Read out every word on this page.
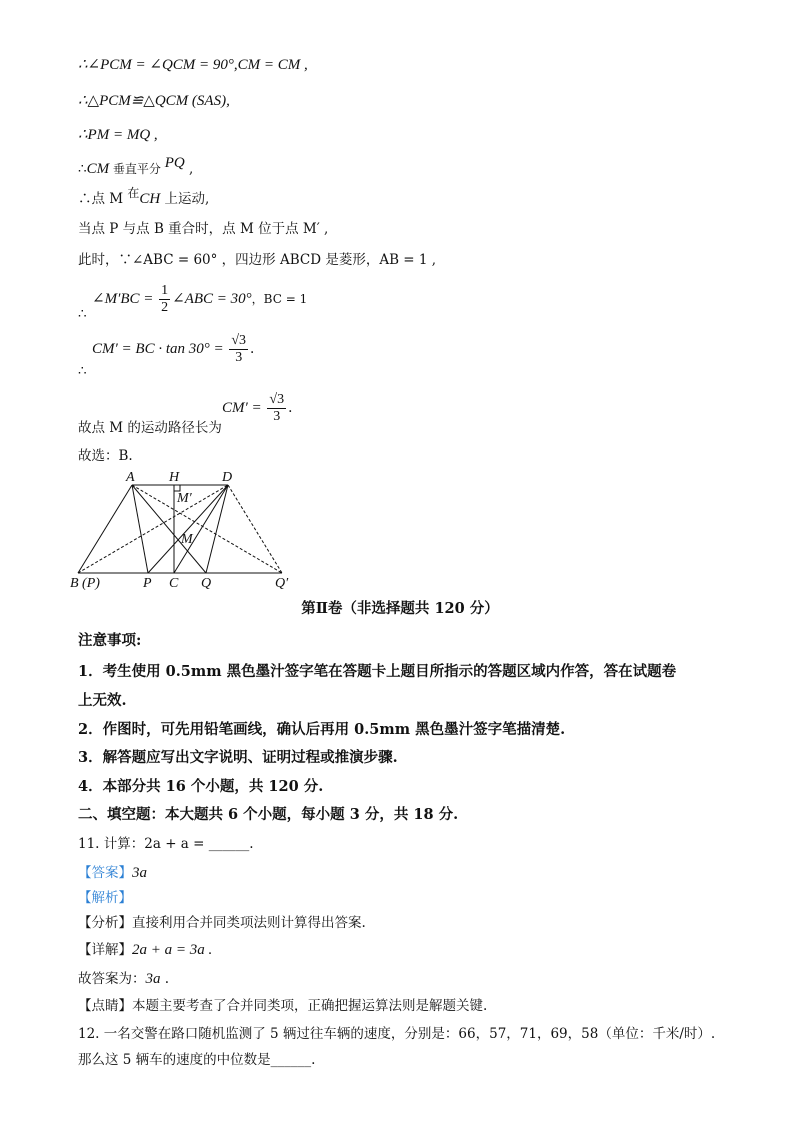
∴∠PCM = ∠QCM = 90°,CM = CM ,
∴△PCM≌△QCM (SAS),
∴PM = MQ ,
∴CM 垂直平分 PQ ,
∴点 M 在CH 上运动,
当点 P 与点 B 重合时，点 M 位于点 M′ ,
此时，∵∠ABC = 60° ，四边形 ABCD 是菱形，AB = 1 ,
∠M′BC = $\frac{1}{2}$ ∠ABC = 30°，BC = 1
∴
CM′ = BC · $\tan 30^\circ = \frac{√3}{3}$ .
∴
$CM' = \frac{√3}{3}$ .
故点 M 的运动路径长为
故选：B.
A H	D
M′
M
B (P)	P C Q	Q′
第Ⅱ卷（非选择题共 120 分）
注意事项:
1．考生使用 0.5mm 黑色墨汁签字笔在答题卡上题目所指示的答题区域内作答，答在试题卷
上无效.
2．作图时，可先用铅笔画线，确认后再用 0.5mm 黑色墨汁签字笔描清楚.
3．解答题应写出文字说明、证明过程或推演步骤.
4．本部分共 16 个小题，共 120 分.
二、填空题：本大题共 6 个小题，每小题 3 分，共 18 分.
11. 计算：2a + a = ______.
【答案】3a
【解析】
【分析】直接利用合并同类项法则计算得出答案.
【详解】2a + a = 3a .
故答案为：3a .
【点睛】本题主要考查了合并同类项，正确把握运算法则是解题关键.
12. 一名交警在路口随机监测了 5 辆过往车辆的速度，分别是：66，57，71，69，58（单位：千米/时）.
那么这 5 辆车的速度的中位数是______.
